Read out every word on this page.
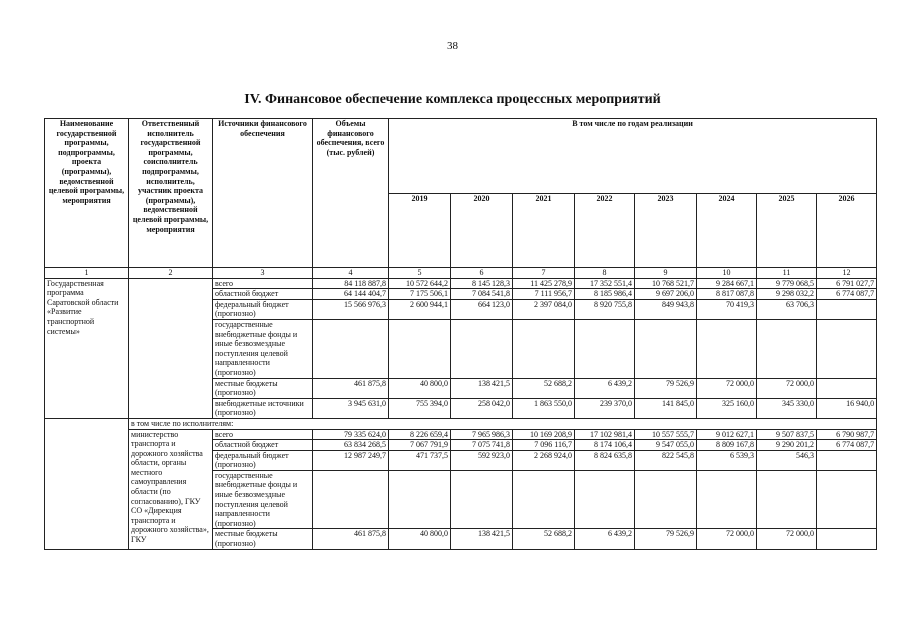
38
IV. Финансовое обеспечение комплекса процессных мероприятий
Наименование государственной программы, подпрограммы, проекта (программы), ведомственной целевой программы, мероприятия	Ответственный исполнитель государственной программы, соисполнитель подпрограммы, исполнитель, участник проекта (программы), ведомственной целевой программы, мероприятия	Источники финансового обеспечения	Объемы финансового обеспечения, всего (тыс. рублей)	В том числе по годам реализации							
				2019	2020	2021	2022	2023	2024	2025	2026
1	2	3	4	5	6	7	8	9	10	11	12
Государственная программа Саратовской области «Развитие транспортной системы»		всего	84 118 887,8	10 572 644,2	8 145 128,3	11 425 278,9	17 352 551,4	10 768 521,7	9 284 667,1	9 779 068,5	6 791 027,7
		областной бюджет	64 144 404,7	7 175 506,1	7 084 541,8	7 111 956,7	8 185 986,4	9 697 206,0	8 817 087,8	9 298 032,2	6 774 087,7
		федеральный бюджет (прогнозно)	15 566 976,3	2 600 944,1	664 123,0	2 397 084,0	8 920 755,8	849 943,8	70 419,3	63 706,3	
		государственные внебюджетные фонды и иные безвозмездные поступления целевой направленности (прогнозно)									
		местные бюджеты (прогнозно)	461 875,8	40 800,0	138 421,5	52 688,2	6 439,2	79 526,9	72 000,0	72 000,0	
		внебюджетные источники (прогнозно)	3 945 631,0	755 394,0	258 042,0	1 863 550,0	239 370,0	141 845,0	325 160,0	345 330,0	16 940,0
	в том числе по исполнителям:										
	министерство транспорта и дорожного хозяйства области, органы местного самоуправления области (по согласованию), ГКУ СО «Дирекция транспорта и дорожного хозяйства», ГКУ	всего	79 335 624,0	8 226 659,4	7 965 986,3	10 169 208,9	17 102 981,4	10 557 555,7	9 012 627,1	9 507 837,5	6 790 987,7
		областной бюджет	63 834 268,5	7 067 791,9	7 075 741,8	7 096 116,7	8 174 106,4	9 547 055,0	8 809 167,8	9 290 201,2	6 774 087,7
		федеральный бюджет (прогнозно)	12 987 249,7	471 737,5	592 923,0	2 268 924,0	8 824 635,8	822 545,8	6 539,3	546,3	
		государственные внебюджетные фонды и иные безвозмездные поступления целевой направленности (прогнозно)									
		местные бюджеты (прогнозно)	461 875,8	40 800,0	138 421,5	52 688,2	6 439,2	79 526,9	72 000,0	72 000,0	
